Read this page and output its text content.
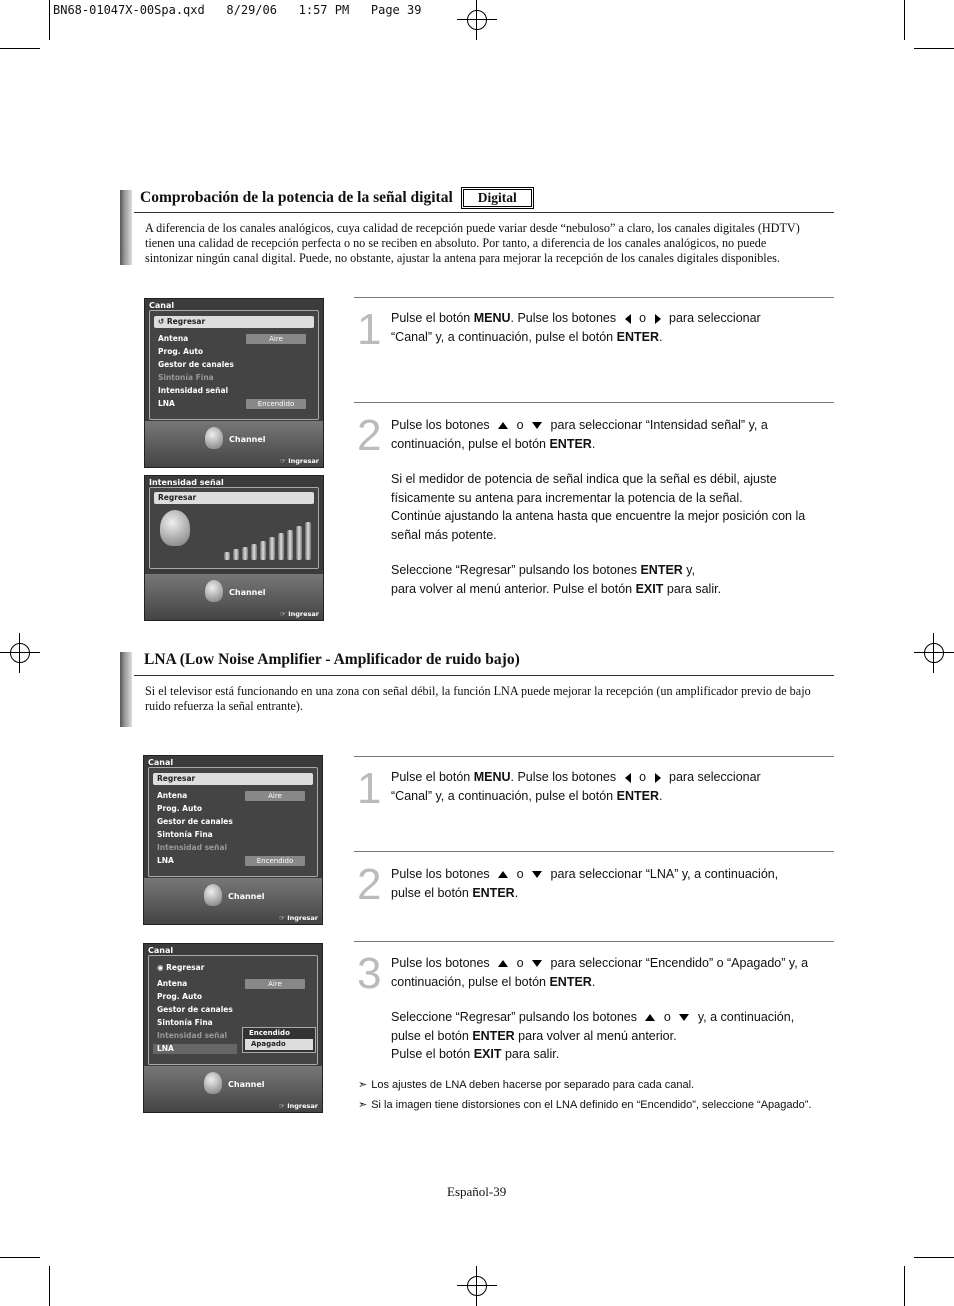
BN68-01047X-00Spa.qxd   8/29/06   1:57 PM   Page 39
Comprobación de la potencia de la señal digital Digital
A diferencia de los canales analógicos, cuya calidad de recepción puede variar desde “nebuloso” a claro, los canales digitales (HDTV) tienen una calidad de recepción perfecta o no se reciben en absoluto. Por tanto, a diferencia de los canales analógicos, no puede sintonizar ningún canal digital. Puede, no obstante, ajustar la antena para mejorar la recepción de los canales digitales disponibles.
Canal
↺ Regresar
Antena	Aire
Prog. Auto
Gestor de canales
Sintonía Fina
Intensidad señal
LNA	Encendido
Channel
☞ Ingresar
Intensidad señal
Regresar
Channel
☞ Ingresar
1 Pulse el botón MENU. Pulse los botones  o  para seleccionar “Canal” y, a continuación, pulse el botón ENTER.

2 Pulse los botones  o  para seleccionar “Intensidad señal” y, a continuación, pulse el botón ENTER.

Si el medidor de potencia de señal indica que la señal es débil, ajuste físicamente su antena para incrementar la potencia de la señal.
Continúe ajustando la antena hasta que encuentre la mejor posición con la señal más potente.

Seleccione “Regresar” pulsando los botones ENTER y,
para volver al menú anterior. Pulse el botón EXIT para salir.

LNA (Low Noise Amplifier - Amplificador de ruido bajo)
Si el televisor está funcionando en una zona con señal débil, la función LNA puede mejorar la recepción (un amplificador previo de bajo ruido refuerza la señal entrante).
Canal
Regresar
Antena	Aire
Prog. Auto
Gestor de canales
Sintonía Fina
Intensidad señal
LNA	Encendido
Channel
☞ Ingresar
Canal
◉ Regresar
Antena	Aire
Prog. Auto
Gestor de canales
Sintonía Fina
Intensidad señal
LNA
Encendido
Apagado
Channel
☞ Ingresar
1 Pulse el botón MENU. Pulse los botones  o  para seleccionar “Canal” y, a continuación, pulse el botón ENTER.

2 Pulse los botones  o  para seleccionar “LNA” y, a continuación, pulse el botón ENTER.

3 Pulse los botones  o  para seleccionar “Encendido” o “Apagado” y, a continuación, pulse el botón ENTER.

Seleccione “Regresar” pulsando los botones  o  y, a continuación, pulse el botón ENTER para volver al menú anterior.
Pulse el botón EXIT para salir.

➣ Los ajustes de LNA deben hacerse por separado para cada canal.
➣ Si la imagen tiene distorsiones con el LNA definido en “Encendido”, seleccione “Apagado”.
Español-39
